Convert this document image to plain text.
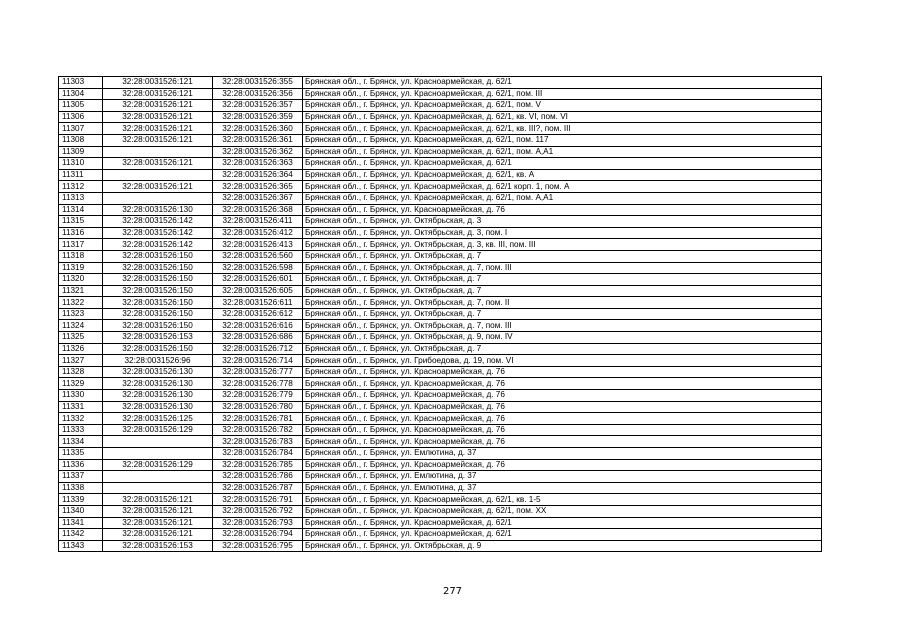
11303	32:28:0031526:121	32:28:0031526:355	Брянская обл., г. Брянск, ул. Красноармейская, д. 62/1
11304	32:28:0031526:121	32:28:0031526:356	Брянская обл., г. Брянск, ул. Красноармейская, д. 62/1, пом. III
11305	32:28:0031526:121	32:28:0031526:357	Брянская обл., г. Брянск, ул. Красноармейская, д. 62/1, пом. V
11306	32:28:0031526:121	32:28:0031526:359	Брянская обл., г. Брянск, ул. Красноармейская, д. 62/1, кв. VI, пом. VI
11307	32:28:0031526:121	32:28:0031526:360	Брянская обл., г. Брянск, ул. Красноармейская, д. 62/1, кв. III?, пом. III
11308	32:28:0031526:121	32:28:0031526:361	Брянская обл., г. Брянск, ул. Красноармейская, д. 62/1, пом. 117
11309		32:28:0031526:362	Брянская обл., г. Брянск, ул. Красноармейская, д. 62/1, пом. А,А1
11310	32:28:0031526:121	32:28:0031526:363	Брянская обл., г. Брянск, ул. Красноармейская, д. 62/1
11311		32:28:0031526:364	Брянская обл., г. Брянск, ул. Красноармейская, д. 62/1, кв. А
11312	32:28:0031526:121	32:28:0031526:365	Брянская обл., г. Брянск, ул. Красноармейская, д. 62/1 корп. 1, пом. А
11313		32:28:0031526:367	Брянская обл., г. Брянск, ул. Красноармейская, д. 62/1, пом. А,А1
11314	32:28:0031526:130	32:28:0031526:368	Брянская обл., г. Брянск, ул. Красноармейская, д. 76
11315	32:28:0031526:142	32:28:0031526:411	Брянская обл., г. Брянск, ул. Октябрьская, д. 3
11316	32:28:0031526:142	32:28:0031526:412	Брянская обл., г. Брянск, ул. Октябрьская, д. 3, пом. I
11317	32:28:0031526:142	32:28:0031526:413	Брянская обл., г. Брянск, ул. Октябрьская, д. 3, кв. III, пом. III
11318	32:28:0031526:150	32:28:0031526:560	Брянская обл., г. Брянск, ул. Октябрьская, д. 7
11319	32:28:0031526:150	32:28:0031526:598	Брянская обл., г. Брянск, ул. Октябрьская, д. 7, пом. III
11320	32:28:0031526:150	32:28:0031526:601	Брянская обл., г. Брянск, ул. Октябрьская, д. 7
11321	32:28:0031526:150	32:28:0031526:605	Брянская обл., г. Брянск, ул. Октябрьская, д. 7
11322	32:28:0031526:150	32:28:0031526:611	Брянская обл., г. Брянск, ул. Октябрьская, д. 7, пом. II
11323	32:28:0031526:150	32:28:0031526:612	Брянская обл., г. Брянск, ул. Октябрьская, д. 7
11324	32:28:0031526:150	32:28:0031526:616	Брянская обл., г. Брянск, ул. Октябрьская, д. 7, пом. III
11325	32:28:0031526:153	32:28:0031526:686	Брянская обл., г. Брянск, ул. Октябрьская, д. 9, пом. IV
11326	32:28:0031526:150	32:28:0031526:712	Брянская обл., г. Брянск, ул. Октябрьская, д. 7
11327	32:28:0031526:96	32:28:0031526:714	Брянская обл., г. Брянск, ул. Грибоедова, д. 19, пом. VI
11328	32:28:0031526:130	32:28:0031526:777	Брянская обл., г. Брянск, ул. Красноармейская, д. 76
11329	32:28:0031526:130	32:28:0031526:778	Брянская обл., г. Брянск, ул. Красноармейская, д. 76
11330	32:28:0031526:130	32:28:0031526:779	Брянская обл., г. Брянск, ул. Красноармейская, д. 76
11331	32:28:0031526:130	32:28:0031526:780	Брянская обл., г. Брянск, ул. Красноармейская, д. 76
11332	32:28:0031526:125	32:28:0031526:781	Брянская обл., г. Брянск, ул. Красноармейская, д. 76
11333	32:28:0031526:129	32:28:0031526:782	Брянская обл., г. Брянск, ул. Красноармейская, д. 76
11334		32:28:0031526:783	Брянская обл., г. Брянск, ул. Красноармейская, д. 76
11335		32:28:0031526:784	Брянская обл., г. Брянск, ул. Емлютина, д. 37
11336	32:28:0031526:129	32:28:0031526:785	Брянская обл., г. Брянск, ул. Красноармейская, д. 76
11337		32:28:0031526:786	Брянская обл., г. Брянск, ул. Емлютина, д. 37
11338		32:28:0031526:787	Брянская обл., г. Брянск, ул. Емлютина, д. 37
11339	32:28:0031526:121	32:28:0031526:791	Брянская обл., г. Брянск, ул. Красноармейская, д. 62/1, кв. 1-5
11340	32:28:0031526:121	32:28:0031526:792	Брянская обл., г. Брянск, ул. Красноармейская, д. 62/1, пом. XX
11341	32:28:0031526:121	32:28:0031526:793	Брянская обл., г. Брянск, ул. Красноармейская, д. 62/1
11342	32:28:0031526:121	32:28:0031526:794	Брянская обл., г. Брянск, ул. Красноармейская, д. 62/1
11343	32:28:0031526:153	32:28:0031526:795	Брянская обл., г. Брянск, ул. Октябрьская, д. 9
277
